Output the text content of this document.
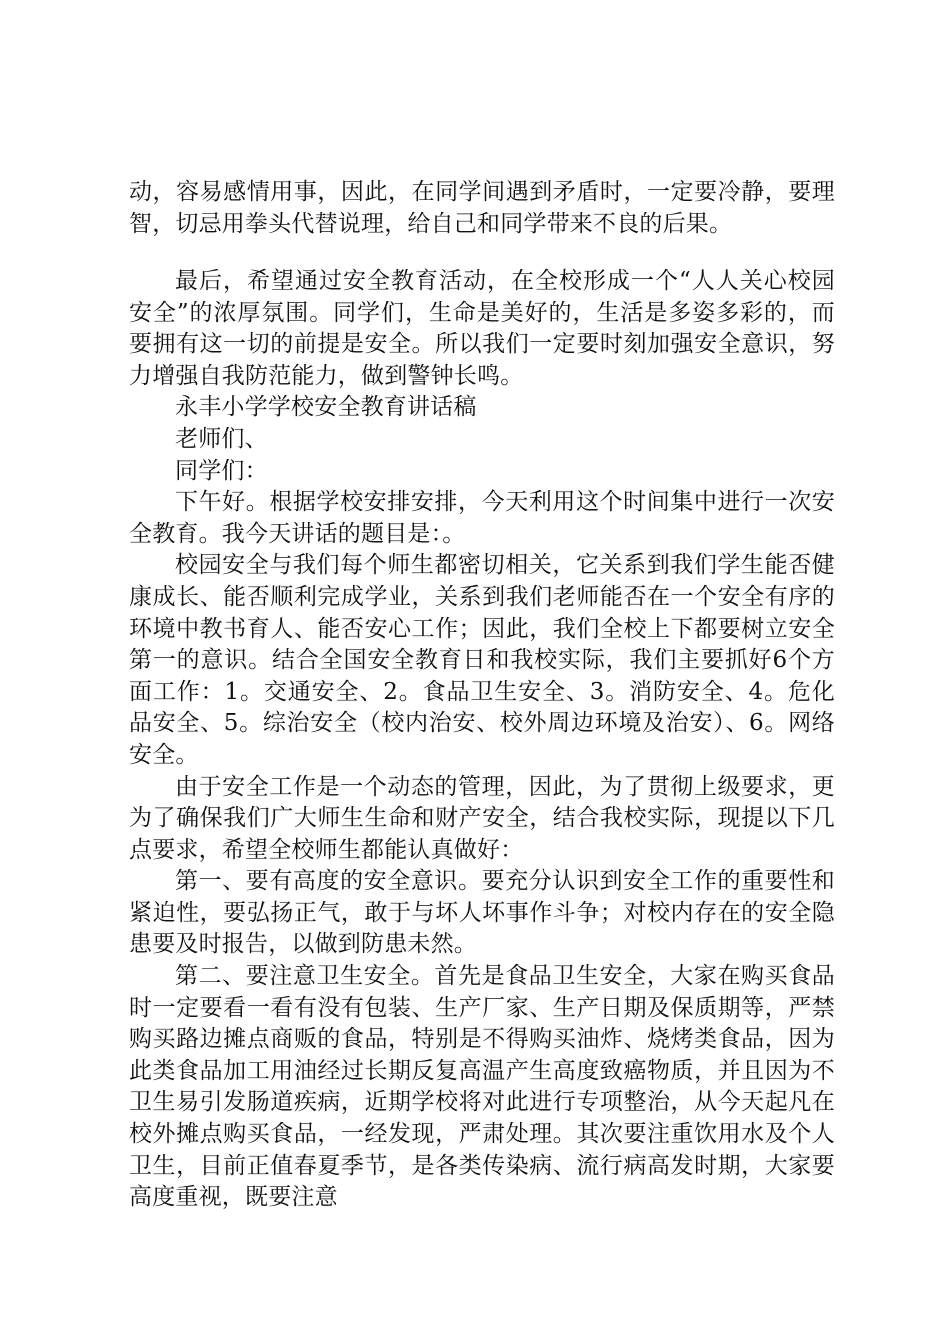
动，容易感情用事，因此，在同学间遇到矛盾时，一定要冷静，要理智，切忌用拳头代替说理，给自己和同学带来不良的后果。

最后，希望通过安全教育活动，在全校形成一个“人人关心校园安全”的浓厚氛围。同学们，生命是美好的，生活是多姿多彩的，而要拥有这一切的前提是安全。所以我们一定要时刻加强安全意识，努力增强自我防范能力，做到警钟长鸣。

永丰小学学校安全教育讲话稿

老师们、

同学们：

下午好。根据学校安排安排，今天利用这个时间集中进行一次安全教育。我今天讲话的题目是：。

校园安全与我们每个师生都密切相关，它关系到我们学生能否健康成长、能否顺利完成学业，关系到我们老师能否在一个安全有序的环境中教书育人、能否安心工作；因此，我们全校上下都要树立安全第一的意识。结合全国安全教育日和我校实际，我们主要抓好6个方面工作：1。交通安全、2。食品卫生安全、3。消防安全、4。危化品安全、5。综治安全（校内治安、校外周边环境及治安）、6。网络安全。

由于安全工作是一个动态的管理，因此，为了贯彻上级要求，更为了确保我们广大师生生命和财产安全，结合我校实际，现提以下几点要求，希望全校师生都能认真做好：

第一、要有高度的安全意识。要充分认识到安全工作的重要性和紧迫性，要弘扬正气，敢于与坏人坏事作斗争；对校内存在的安全隐患要及时报告，以做到防患未然。

第二、要注意卫生安全。首先是食品卫生安全，大家在购买食品时一定要看一看有没有包装、生产厂家、生产日期及保质期等，严禁购买路边摊点商贩的食品，特别是不得购买油炸、烧烤类食品，因为此类食品加工用油经过长期反复高温产生高度致癌物质，并且因为不卫生易引发肠道疾病，近期学校将对此进行专项整治，从今天起凡在校外摊点购买食品，一经发现，严肃处理。其次要注重饮用水及个人卫生，目前正值春夏季节，是各类传染病、流行病高发时期，大家要高度重视，既要注意
